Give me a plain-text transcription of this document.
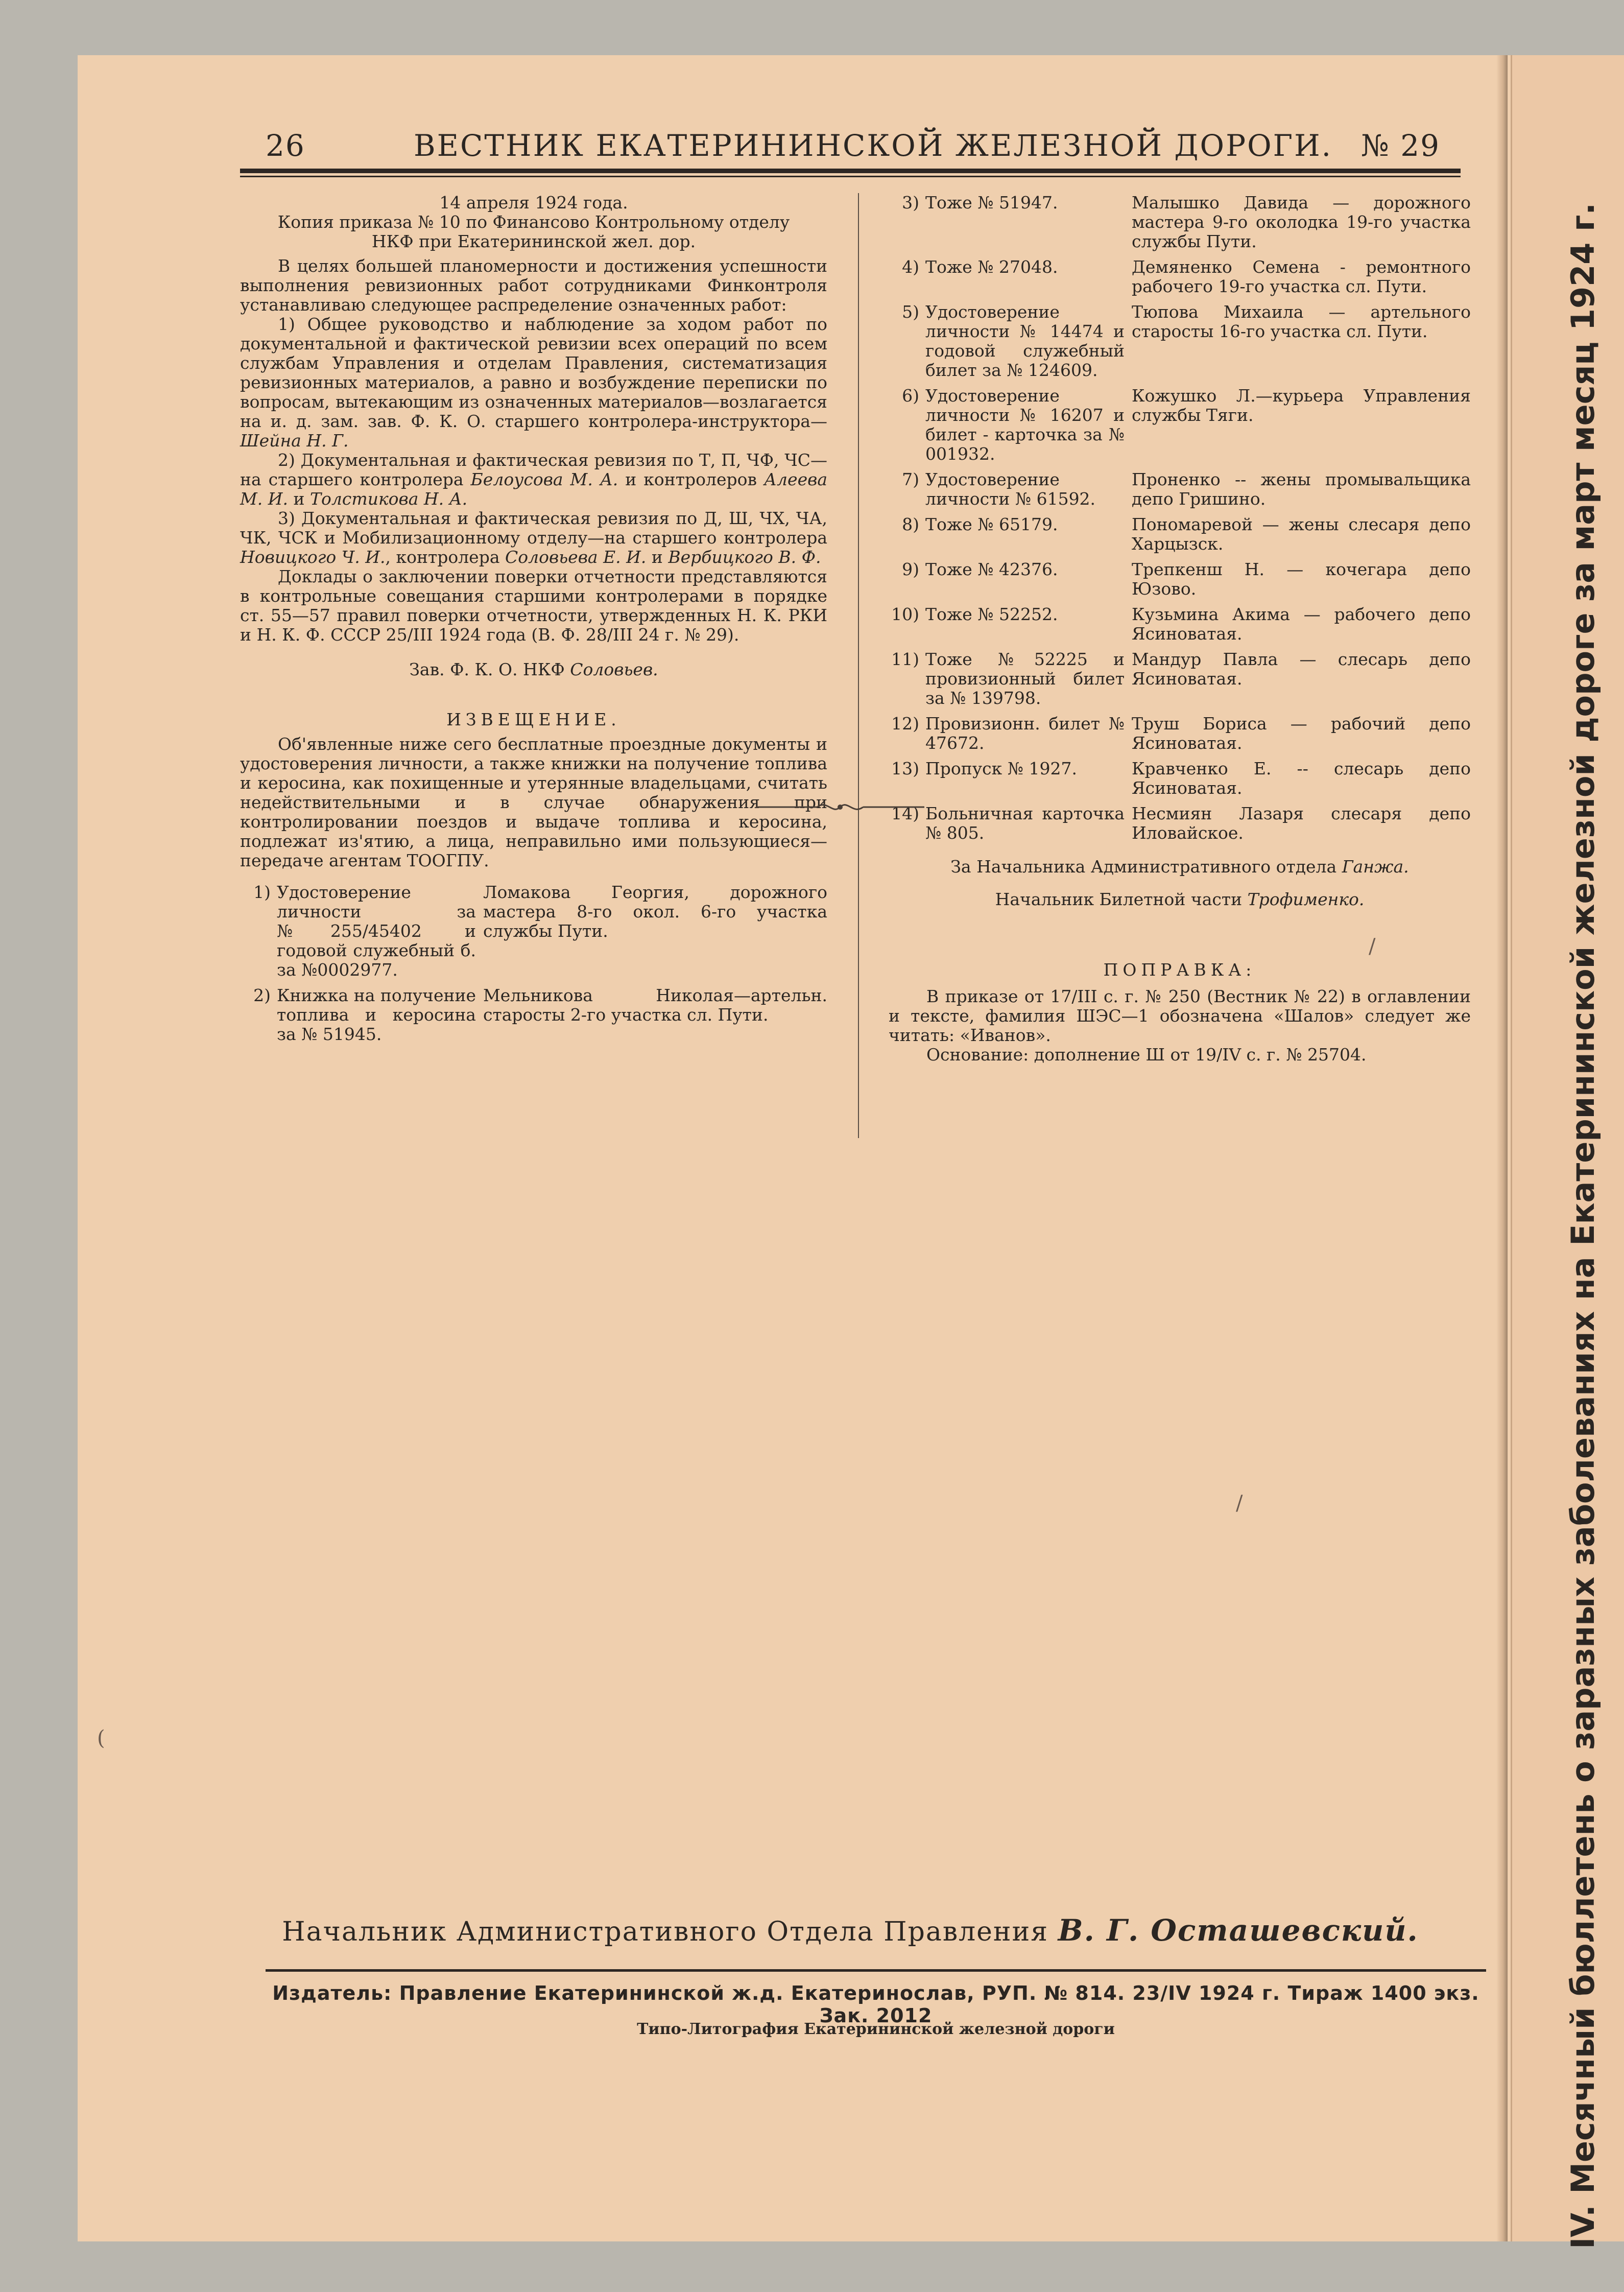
26	ВЕСТНИК ЕКАТЕРИНИНСКОЙ ЖЕЛЕЗНОЙ ДОРОГИ. № 29

14 апреля 1924 года.

Копия приказа № 10 по Финансово Контрольному отделу НКФ при Екатерининской жел. дор.

В целях большей планомерности и достижения успешности выполнения ревизионных работ сотрудниками Финконтроля устанавливаю следующее распределение означенных работ:

1) Общее руководство и наблюдение за ходом работ по документальной и фактической ревизии всех операций по всем службам Управления и отделам Правления, систематизация ревизионных материалов, а равно и возбуждение переписки по вопросам, вытекающим из означенных материалов—возлагается на и. д. зам. зав. Ф. К. О. старшего контролера-инструктора—Шейна Н. Г.

2) Документальная и фактическая ревизия по Т, П, ЧФ, ЧС—на старшего контролера Белоусова М. А. и контролеров Алеева М. И. и Толстикова Н. А.

3) Документальная и фактическая ревизия по Д, Ш, ЧХ, ЧА, ЧК, ЧСК и Мобилизационному отделу—на старшего контролера Новицкого Ч. И., контролера Соловьева Е. И. и Вербицкого В. Ф.

Доклады о заключении поверки отчетности представляются в контрольные совещания старшими контролерами в порядке ст. 55—57 правил поверки отчетности, утвержденных Н. К. РКИ и Н. К. Ф. СССР 25/III 1924 года (В. Ф. 28/III 24 г. № 29).

Зав. Ф. К. О. НКФ Соловьев.

ИЗВЕЩЕНИЕ.

Об'явленные ниже сего бесплатные проездные документы и удостоверения личности, а также книжки на получение топлива и керосина, как похищенные и утерянные владельцами, считать недействительными и в случае обнаружения при контролировании поездов и выдаче топлива и керосина, подлежат из'ятию, а лица, неправильно ими пользующиеся—передаче агентам ТООГПУ.

1) Удостоверение личности за №255/45402 и годовой служебный б. за №0002977.
Ломакова Георгия, дорожного мастера 8-го окол. 6-го участка службы Пути.
2) Книжка на получение топлива и керосина за № 51945.
Мельникова Николая—артельн. старосты 2-го участка сл. Пути.
3) Тоже № 51947.	Малышко Давида — дорожного мастера 9-го околодка 19-го участка службы Пути.
4) Тоже № 27048.	Демяненко Семена - ремонтного рабочего 19-го участка сл. Пути.
5) Удостоверение личности № 14474 и годовой служебный билет за № 124609.
Тюпова Михаила — артельного старосты 16-го участка сл. Пути.
6) Удостоверение личности № 16207 и билет - карточка за № 001932.
Кожушко Л.—курьера Управления службы Тяги.
7) Удостоверение личности № 61592.
Проненко -- жены промывальщика депо Гришино.
8) Тоже № 65179.	Пономаревой — жены слесаря депо Харцызск.
9) Тоже № 42376.	Трепкенш Н. — кочегара депо Юзово.
10) Тоже № 52252.	Кузьмина Акима — рабочего депо Ясиноватая.
11) Тоже №52225 и провизионный билет за № 139798.
Мандур Павла — слесарь депо Ясиноватая.
12) Провизионн. билет № 47672.
Труш Бориса — рабочий депо Ясиноватая.
13) Пропуск № 1927.	Кравченко Е. -- слесарь депо Ясиноватая.
14) Больничная карточка № 805.
Несмиян Лазаря слесаря депо Иловайское.

За Начальника Административного отдела Ганжа.

Начальник Билетной части Трофименко.

ПОПРАВКА:

В приказе от 17/III с. г. № 250 (Вестник № 22) в оглавлении и тексте, фамилия ШЭС—1 обозначена «Шалов» следует же читать: «Иванов».

Основание: дополнение Ш от 19/IV с. г. № 25704.

/
/
(	IV. Месячный бюллетень о заразных заболеваниях на Екатерининской железной дороге за март месяц 1924 г.
Начальник Административного Отдела Правления В. Г. Осташевский.
Издатель: Правление Екатерининской ж.д. Екатеринослав, РУП. № 814. 23/IV 1924 г. Тираж 1400 экз. Зак. 2012
Типо-Литография Екатерининской железной дороги
